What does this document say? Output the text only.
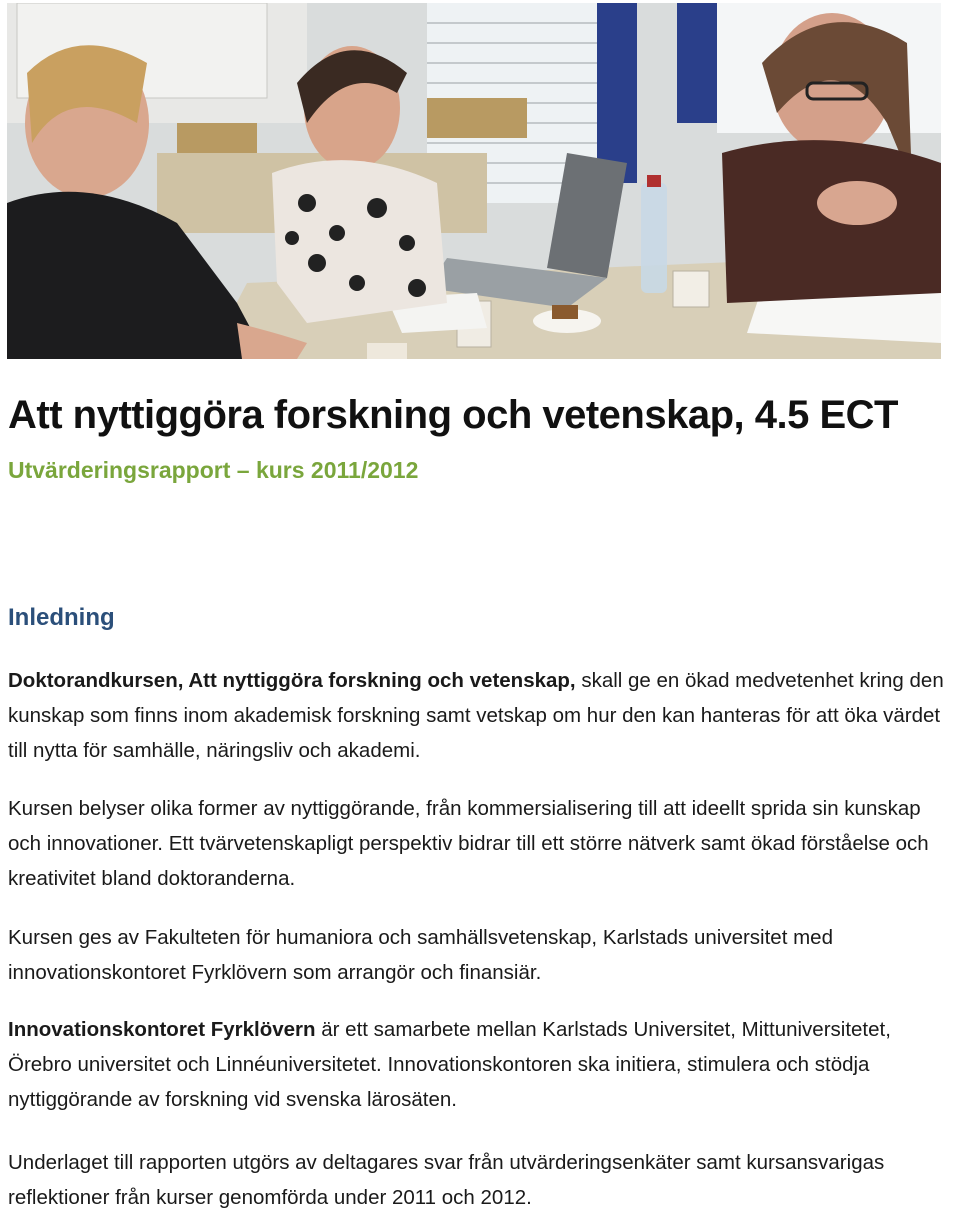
Att nyttiggöra forskning och vetenskap, 4.5 ECT
Utvärderingsrapport – kurs 2011/2012
Inledning

Doktorandkursen, Att nyttiggöra forskning och vetenskap, skall ge en ökad medvetenhet kring den kunskap som finns inom akademisk forskning samt vetskap om hur den kan hanteras för att öka värdet till nytta för samhälle, näringsliv och akademi.

Kursen belyser olika former av nyttiggörande, från kommersialisering till att ideellt sprida sin kunskap och innovationer. Ett tvärvetenskapligt perspektiv bidrar till ett större nätverk samt ökad förståelse och kreativitet bland doktoranderna.

Kursen ges av Fakulteten för humaniora och samhällsvetenskap, Karlstads universitet med innovationskontoret Fyrklövern som arrangör och finansiär.

Innovationskontoret Fyrklövern är ett samarbete mellan Karlstads Universitet, Mittuniversitetet, Örebro universitet och Linnéuniversitetet. Innovationskontoren ska initiera, stimulera och stödja nyttiggörande av forskning vid svenska lärosäten.

Underlaget till rapporten utgörs av deltagares svar från utvärderingsenkäter samt kursansvarigas reflektioner från kurser genomförda under 2011 och 2012.
